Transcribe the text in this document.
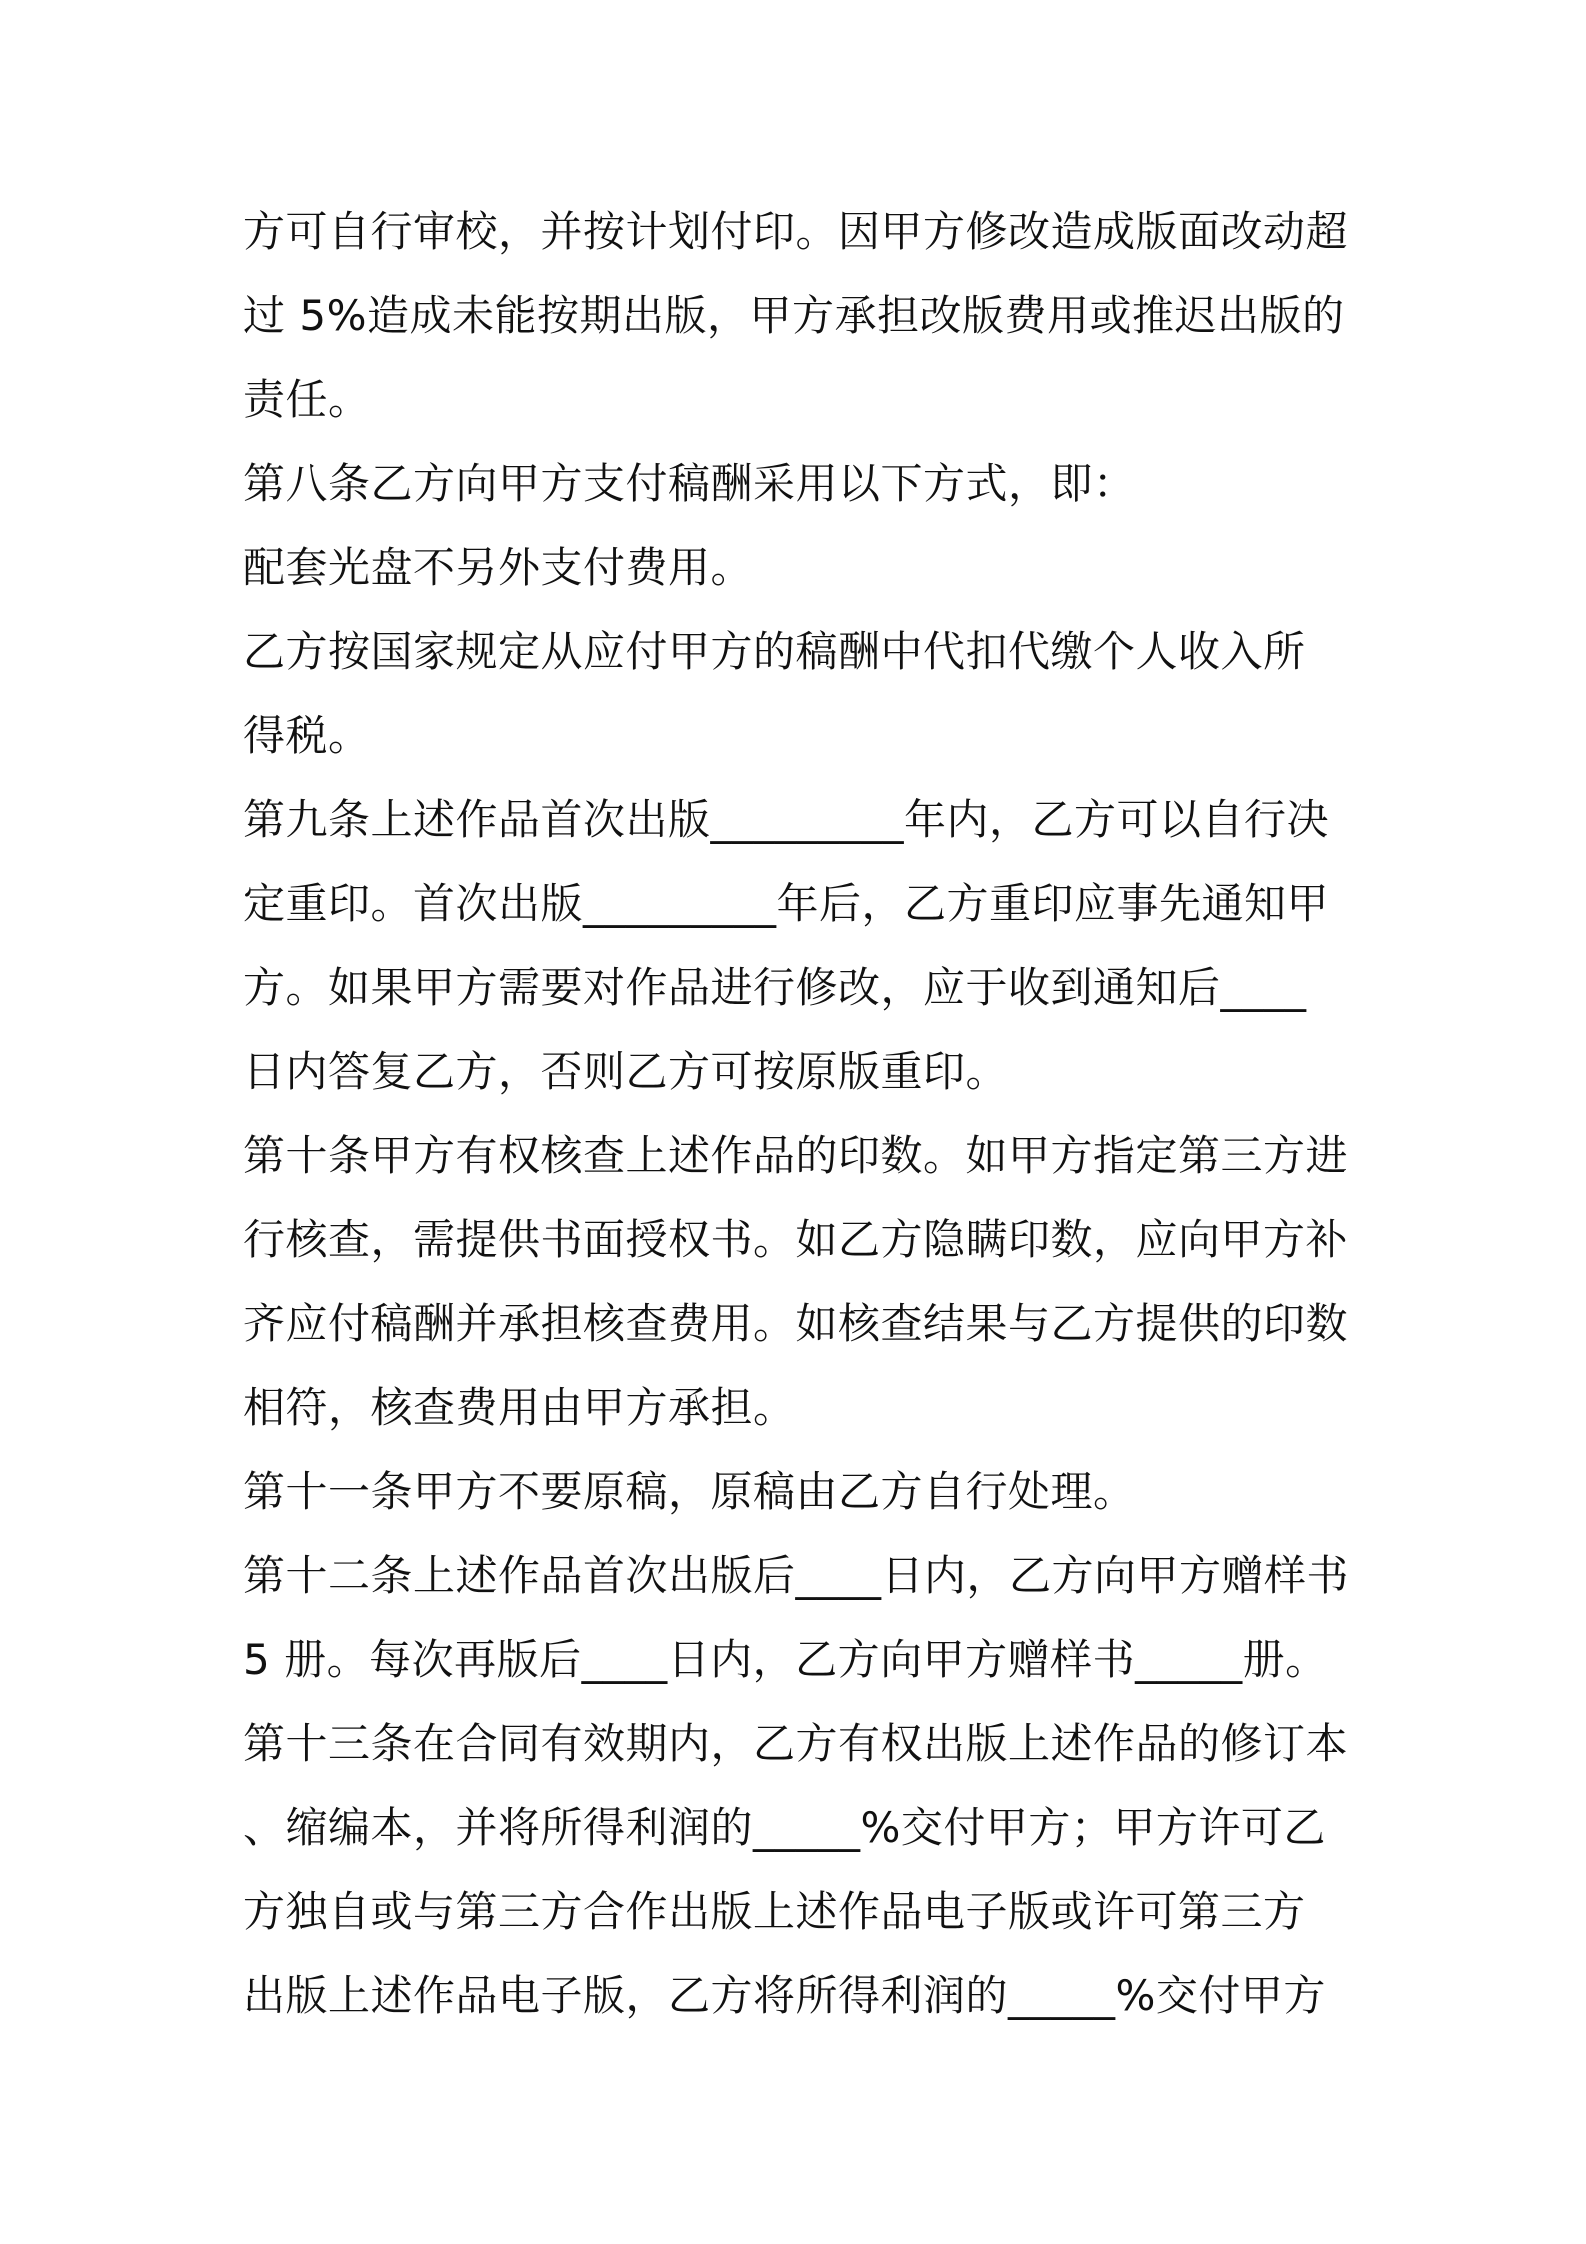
方可自行审校，并按计划付印。因甲方修改造成版面改动超
过 5%造成未能按期出版，甲方承担改版费用或推迟出版的
责任。
第八条乙方向甲方支付稿酬采用以下方式，即：
配套光盘不另外支付费用。
乙方按国家规定从应付甲方的稿酬中代扣代缴个人收入所
得税。
第九条上述作品首次出版_________年内，乙方可以自行决
定重印。首次出版_________年后，乙方重印应事先通知甲
方。如果甲方需要对作品进行修改，应于收到通知后____
日内答复乙方，否则乙方可按原版重印。
第十条甲方有权核查上述作品的印数。如甲方指定第三方进
行核查，需提供书面授权书。如乙方隐瞒印数，应向甲方补
齐应付稿酬并承担核查费用。如核查结果与乙方提供的印数
相符，核查费用由甲方承担。
第十一条甲方不要原稿，原稿由乙方自行处理。
第十二条上述作品首次出版后____日内，乙方向甲方赠样书
5 册。每次再版后____日内，乙方向甲方赠样书_____册。
第十三条在合同有效期内，乙方有权出版上述作品的修订本
、缩编本，并将所得利润的_____%交付甲方；甲方许可乙
方独自或与第三方合作出版上述作品电子版或许可第三方
出版上述作品电子版，乙方将所得利润的_____%交付甲方
